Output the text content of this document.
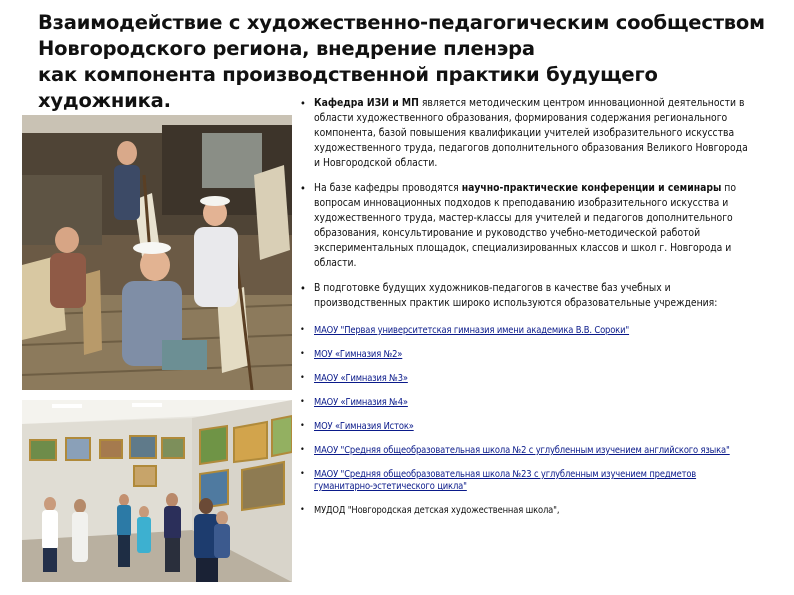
Взаимодействие с художественно-педагогическим сообществом
Новгородского региона, внедрение пленэра
как компонента производственной практики будущего
художника.	• Кафедра ИЗИ и МП является методическим центром инновационной деятельности в области художественного образования, формирования содержания регионального компонента, базой повышения квалификации учителей изобразительного искусства художественного труда, педагогов дополнительного образования Великого Новгорода и Новгородской области.

• На базе кафедры проводятся научно-практические конференции и семинары по вопросам инновационных подходов к преподаванию изобразительного искусства и художественного труда, мастер-классы для учителей и педагогов дополнительного образования, консультирование и руководство учебно-методической работой экспериментальных площадок, специализированных классов и школ г. Новгорода и области.

• В подготовке будущих художников-педагогов в качестве баз учебных и производственных практик широко используются образовательные учреждения:

• МАОУ "Первая университетская гимназия имени академика В.В. Сороки"
• МОУ «Гимназия №2»
• МАОУ «Гимназия №3»
• МАОУ «Гимназия №4»
• МОУ «Гимназия Исток»
• МАОУ "Средняя общеобразовательная школа №2 с углубленным изучением английского языка"
• МАОУ "Средняя общеобразовательная школа №23 с углубленным изучением предметов гуманитарно-эстетического цикла"
• МУДОД "Новгородская детская художественная школа",
